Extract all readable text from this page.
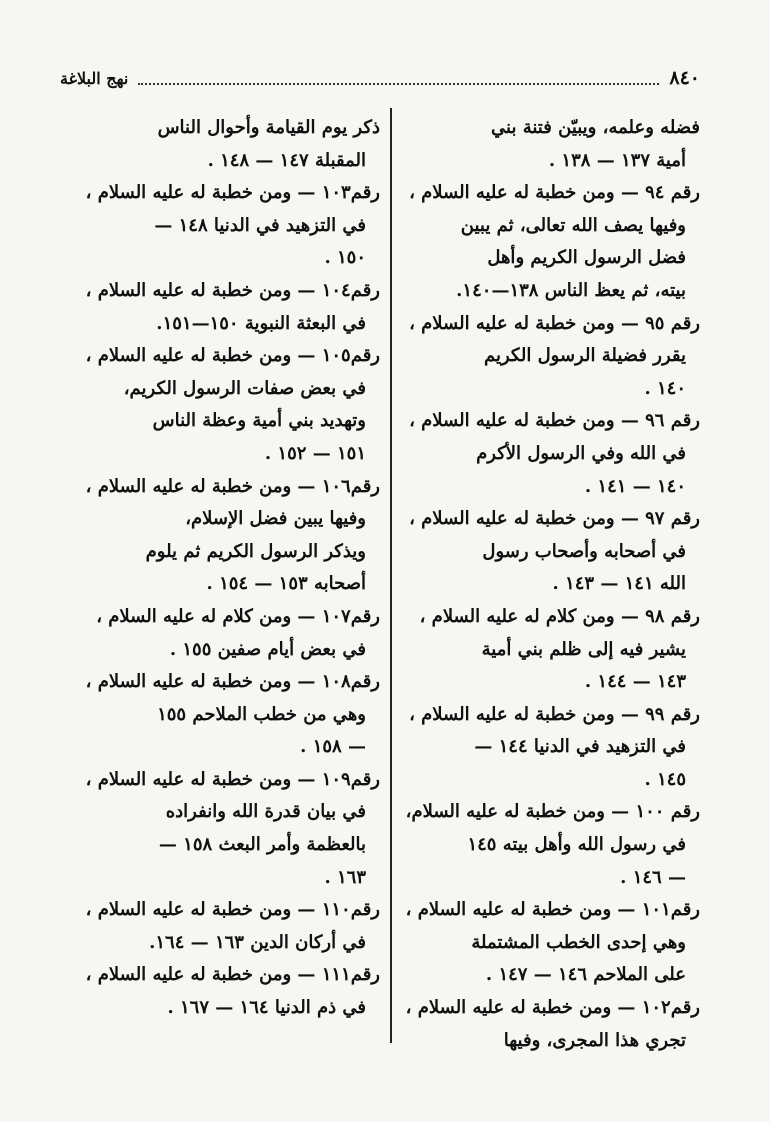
٨٤٠
نهج البلاغة

فضله وعلمه، ويبيّن فتنة بني

أمية ١٣٧ — ١٣٨ .

رقم ٩٤ — ومن خطبة له عليه السلام ،

وفيها يصف الله تعالى، ثم يبين

فضل الرسول الكريم وأهل

بيته، ثم يعظ الناس ١٣٨—١٤٠.

رقم ٩٥ — ومن خطبة له عليه السلام ،

يقرر فضيلة الرسول الكريم

١٤٠ .

رقم ٩٦ — ومن خطبة له عليه السلام ،

في الله وفي الرسول الأكرم

١٤٠ — ١٤١ .

رقم ٩٧ — ومن خطبة له عليه السلام ،

في أصحابه وأصحاب رسول

الله ١٤١ — ١٤٣ .

رقم ٩٨ — ومن كلام له عليه السلام ،

يشير فيه إلى ظلم بني أمية

١٤٣ — ١٤٤ .

رقم ٩٩ — ومن خطبة له عليه السلام ،

في التزهيد في الدنيا ١٤٤ —

١٤٥ .

رقم ١٠٠ — ومن خطبة له عليه السلام،

في رسول الله وأهل بيته ١٤٥

— ١٤٦ .

رقم١٠١ — ومن خطبة له عليه السلام ،

وهي إحدى الخطب المشتملة

على الملاحم ١٤٦ — ١٤٧ .

رقم١٠٢ — ومن خطبة له عليه السلام ،

تجري هذا المجرى، وفيها

ذكر يوم القيامة وأحوال الناس

المقبلة ١٤٧ — ١٤٨ .

رقم١٠٣ — ومن خطبة له عليه السلام ،

في التزهيد في الدنيا ١٤٨ —

١٥٠ .

رقم١٠٤ — ومن خطبة له عليه السلام ،

في البعثة النبوية ١٥٠—١٥١.

رقم١٠٥ — ومن خطبة له عليه السلام ،

في بعض صفات الرسول الكريم،

وتهديد بني أمية وعظة الناس

١٥١ — ١٥٢ .

رقم١٠٦ — ومن خطبة له عليه السلام ،

وفيها يبين فضل الإسلام،

ويذكر الرسول الكريم ثم يلوم

أصحابه ١٥٣ — ١٥٤ .

رقم١٠٧ — ومن كلام له عليه السلام ،

في بعض أيام صفين ١٥٥ .

رقم١٠٨ — ومن خطبة له عليه السلام ،

وهي من خطب الملاحم ١٥٥

— ١٥٨ .

رقم١٠٩ — ومن خطبة له عليه السلام ،

في بيان قدرة الله وانفراده

بالعظمة وأمر البعث ١٥٨ —

١٦٣ .

رقم١١٠ — ومن خطبة له عليه السلام ،

في أركان الدين ١٦٣ — ١٦٤.

رقم١١١ — ومن خطبة له عليه السلام ،

في ذم الدنيا ١٦٤ — ١٦٧ .
